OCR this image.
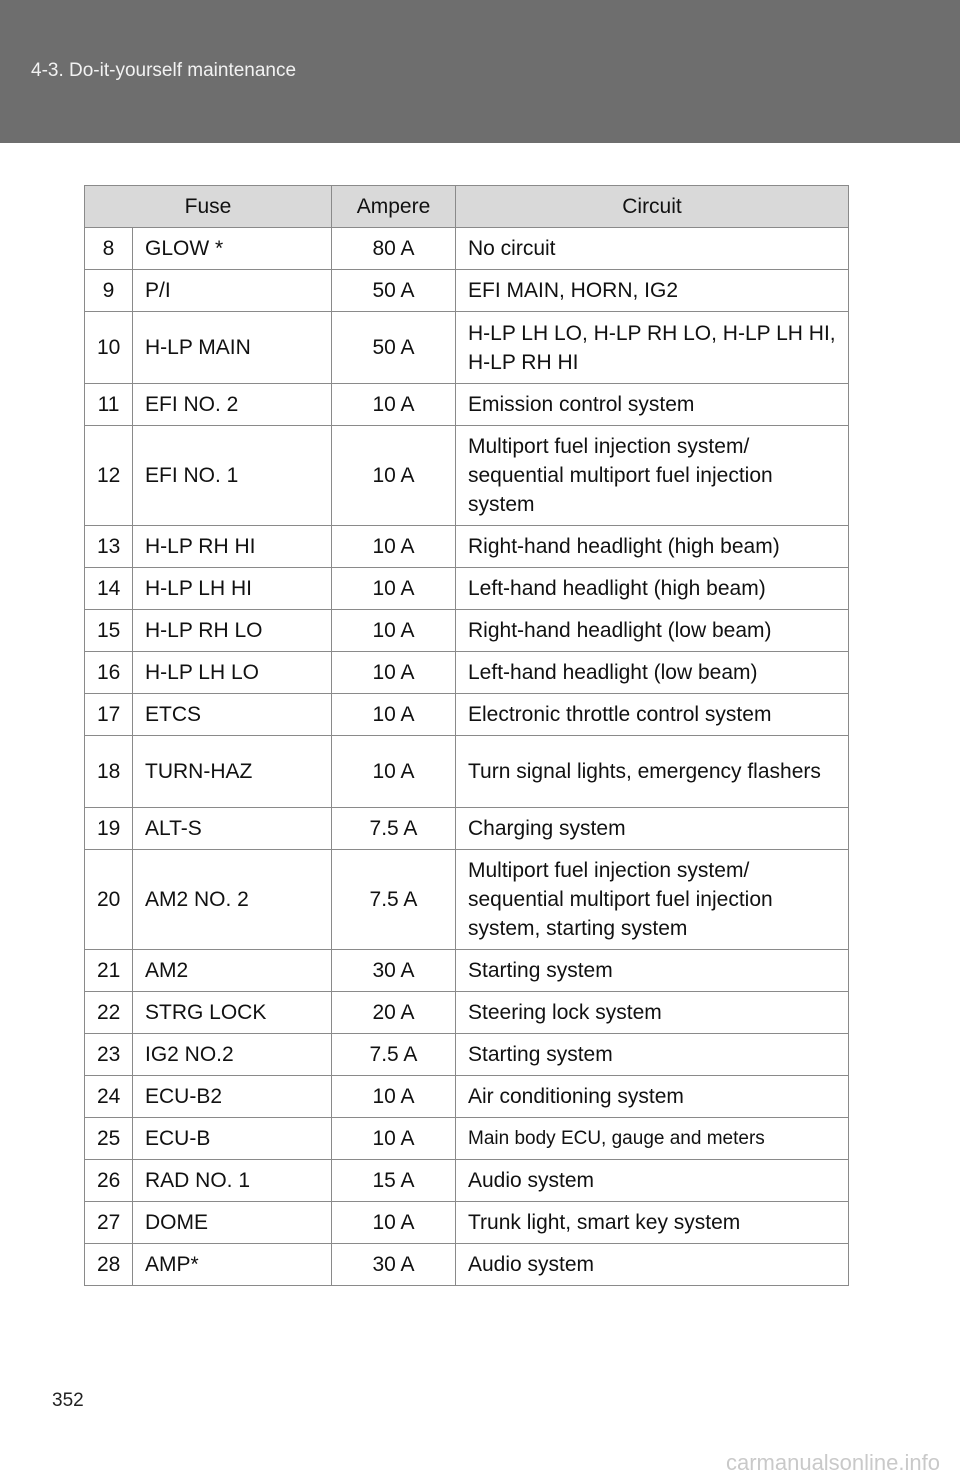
4-3. Do-it-yourself maintenance
Fuse		Ampere	Circuit
8	GLOW *	80 A	No circuit
9	P/I	50 A	EFI MAIN, HORN, IG2
10	H-LP MAIN	50 A	H-LP LH LO, H-LP RH LO, H-LP LH HI, H-LP RH HI
11	EFI NO. 2	10 A	Emission control system
12	EFI NO. 1	10 A	Multiport fuel injection system/ sequential multiport fuel injection system
13	H-LP RH HI	10 A	Right-hand headlight (high beam)
14	H-LP LH HI	10 A	Left-hand headlight (high beam)
15	H-LP RH LO	10 A	Right-hand headlight (low beam)
16	H-LP LH LO	10 A	Left-hand headlight (low beam)
17	ETCS	10 A	Electronic throttle control system
18	TURN-HAZ	10 A	Turn signal lights, emergency flashers
19	ALT-S	7.5 A	Charging system
20	AM2 NO. 2	7.5 A	Multiport fuel injection system/ sequential multiport fuel injection system, starting system
21	AM2	30 A	Starting system
22	STRG LOCK	20 A	Steering lock system
23	IG2 NO.2	7.5 A	Starting system
24	ECU-B2	10 A	Air conditioning system
25	ECU-B	10 A	Main body ECU, gauge and meters
26	RAD NO. 1	15 A	Audio system
27	DOME	10 A	Trunk light, smart key system
28	AMP*	30 A	Audio system
352
carmanualsonline.info
